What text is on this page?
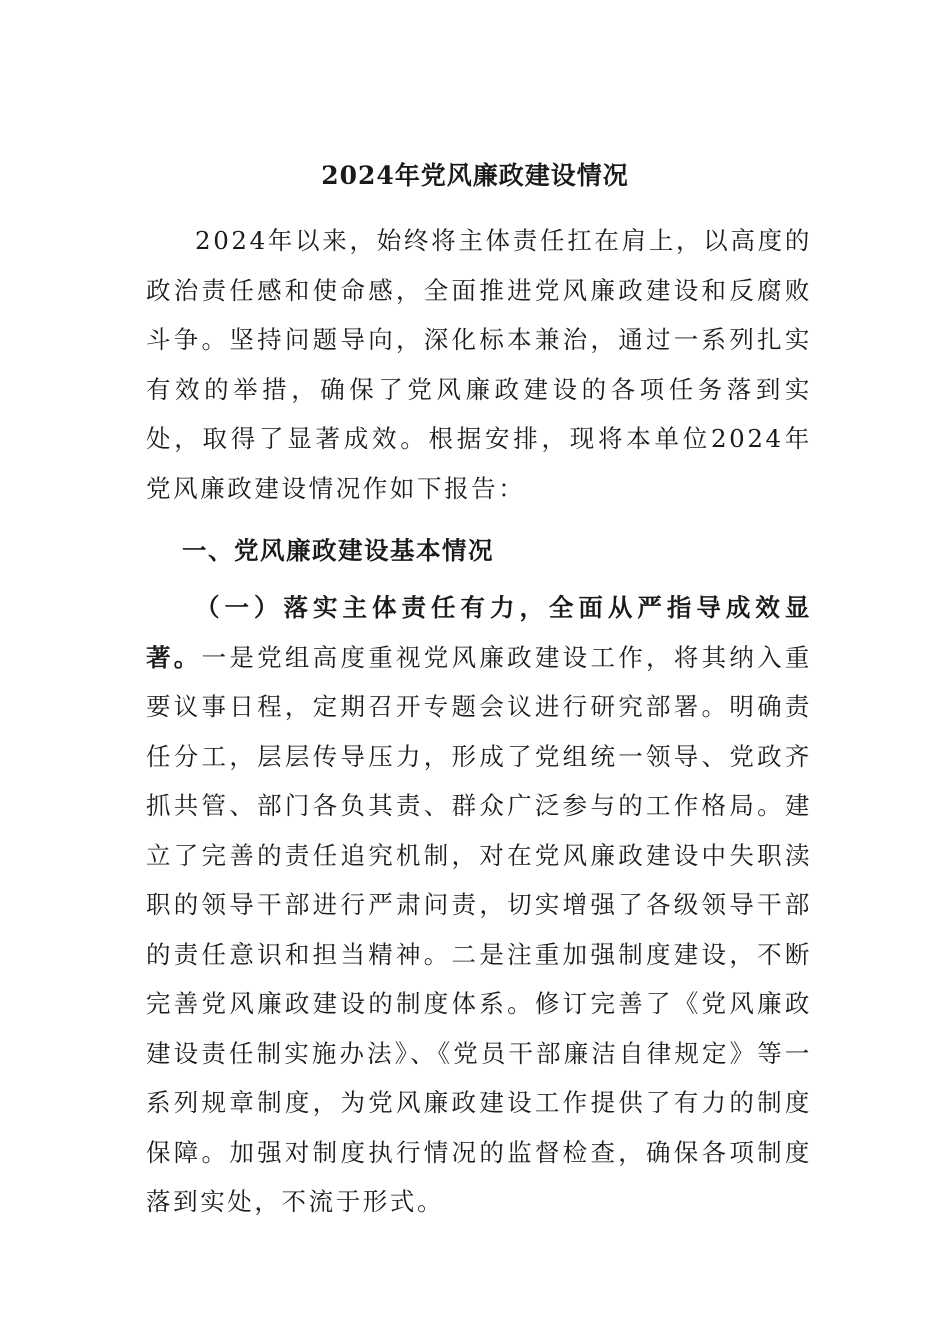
2024年党风廉政建设情况

2024年以来，始终将主体责任扛在肩上，以高度的政治责任感和使命感，全面推进党风廉政建设和反腐败斗争。坚持问题导向，深化标本兼治，通过一系列扎实有效的举措，确保了党风廉政建设的各项任务落到实处，取得了显著成效。根据安排，现将本单位2024年党风廉政建设情况作如下报告：

一、党风廉政建设基本情况

（一）落实主体责任有力，全面从严指导成效显著。一是党组高度重视党风廉政建设工作，将其纳入重要议事日程，定期召开专题会议进行研究部署。明确责任分工，层层传导压力，形成了党组统一领导、党政齐抓共管、部门各负其责、群众广泛参与的工作格局。建立了完善的责任追究机制，对在党风廉政建设中失职渎职的领导干部进行严肃问责，切实增强了各级领导干部的责任意识和担当精神。二是注重加强制度建设，不断完善党风廉政建设的制度体系。修订完善了《党风廉政建设责任制实施办法》、《党员干部廉洁自律规定》等一系列规章制度，为党风廉政建设工作提供了有力的制度保障。加强对制度执行情况的监督检查，确保各项制度落到实处，不流于形式。
